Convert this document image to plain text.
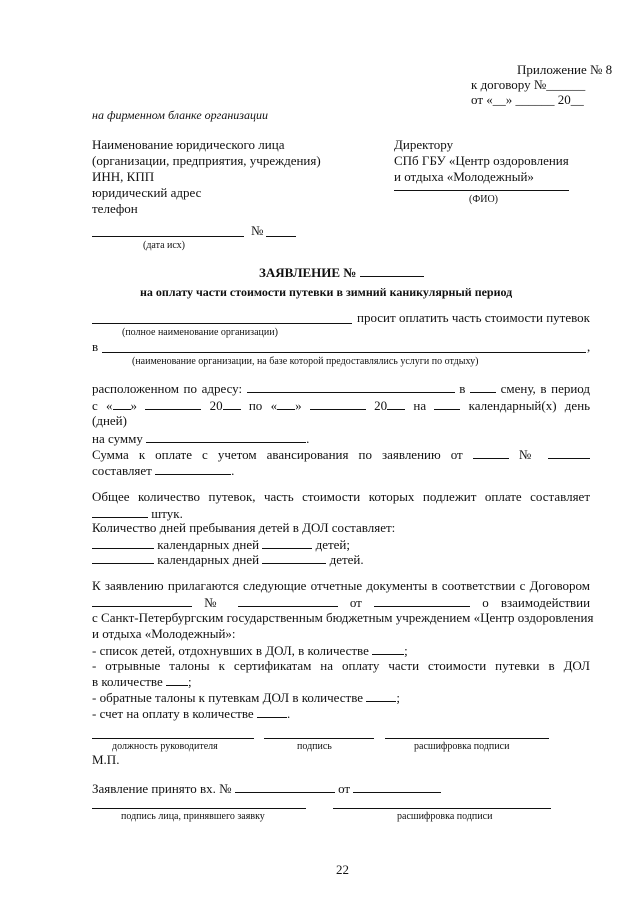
Приложение № 8
к договору №______
от «__» ______ 20__
на фирменном бланке организации
Наименование юридического лица
(организации, предприятия, учреждения)
ИНН, КПП
юридический адрес
телефон
Директору
СПб ГБУ «Центр оздоровления
и отдыха «Молодежный»
(ФИО)
№
(дата исх)
ЗАЯВЛЕНИЕ №
на оплату части стоимости путевки в зимний каникулярный период
просит оплатить часть стоимости путевок
(полное наименование организации)
в	,
(наименование организации, на базе которой предоставлялись услуги по отдыху)
расположенном по адресу:	в	смену, в период
с « »	20 по « »	20 на	календарный(х) день
(дней)
на сумму	.
Сумма к оплате с учетом авансирования по заявлению от	№
составляет	.
Общее количество путевок, часть стоимости которых подлежит оплате составляет
штук.
Количество дней пребывания детей в ДОЛ составляет:
календарных дней	детей;
календарных дней	детей.
К заявлению прилагаются следующие отчетные документы в соответствии с Договором
№	от	о взаимодействии
с Санкт-Петербургским государственным бюджетным учреждением «Центр оздоровления
и отдыха «Молодежный»:
- список детей, отдохнувших в ДОЛ, в количестве	;
- отрывные талоны к сертификатам на оплату части стоимости путевки в ДОЛ
в количестве ;
- обратные талоны к путевкам ДОЛ в количестве	;
- счет на оплату в количестве	.
должность руководителя	подпись	расшифровка подписи
М.П.
Заявление принято вх. №	от
подпись лица, принявшего заявку	расшифровка подписи
22
